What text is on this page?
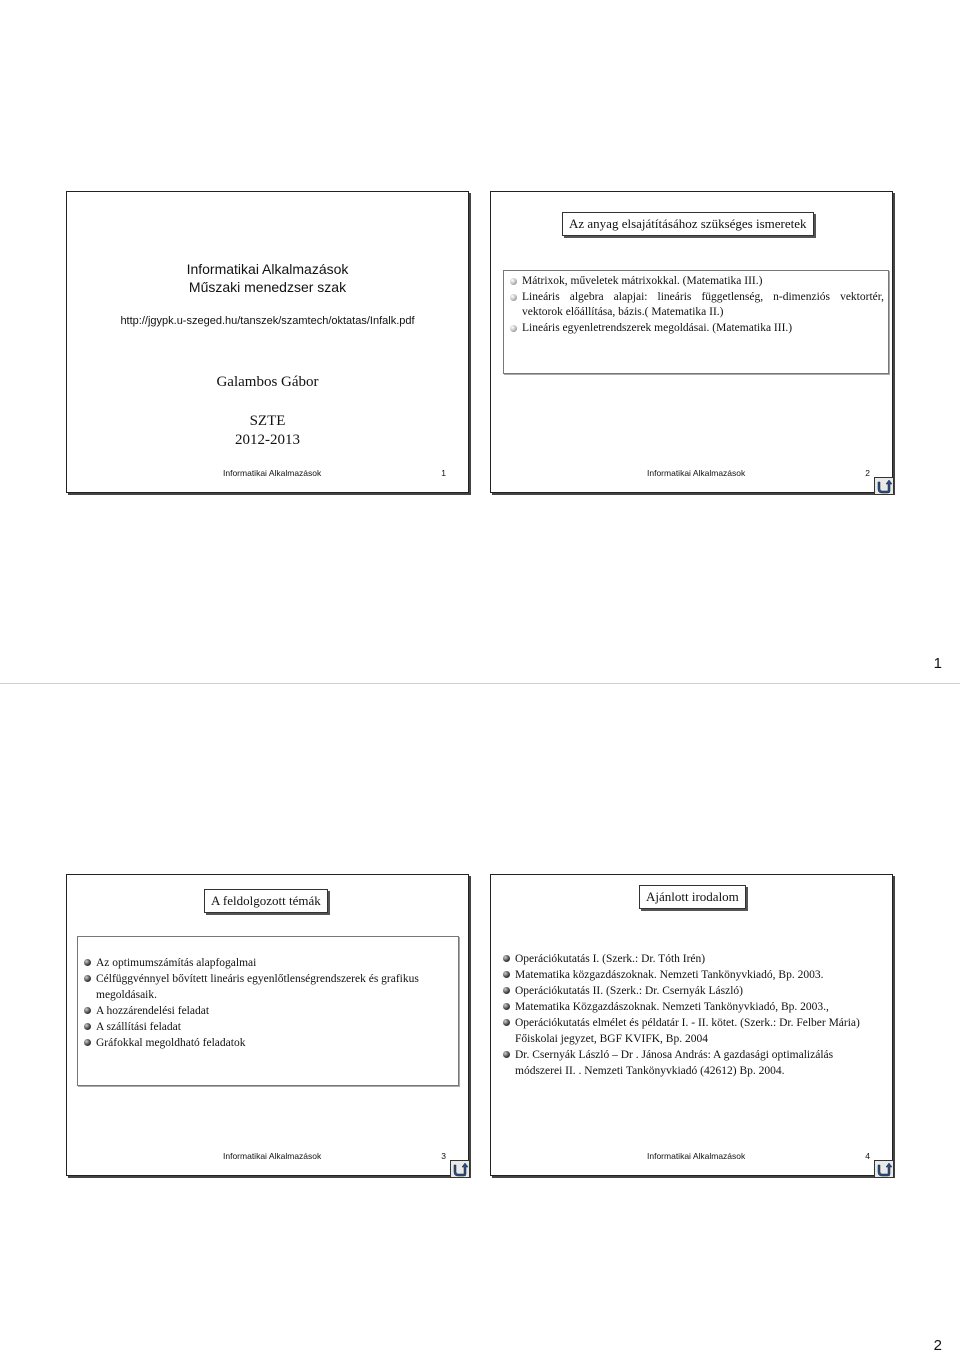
Informatikai Alkalmazások
Műszaki menedzser szak
http://jgypk.u-szeged.hu/tanszek/szamtech/oktatas/Infalk.pdf
Galambos Gábor
SZTE
2012-2013
Informatikai Alkalmazások	1
Az anyag elsajátításához szükséges ismeretek
Mátrixok, műveletek mátrixokkal. (Matematika III.)
Lineáris algebra alapjai: lineáris függetlenség, n-dimenziós vektortér, vektorok előállítása, bázis.( Matematika II.)
Lineáris egyenletrendszerek megoldásai. (Matematika III.)
Informatikai Alkalmazások	2
1
A feldolgozott témák
Az optimumszámítás alapfogalmai
Célfüggvénnyel bővített lineáris egyenlőtlenségrendszerek és grafikus megoldásaik.
A hozzárendelési feladat
A szállítási feladat
Gráfokkal megoldható feladatok
Informatikai Alkalmazások	3
Ajánlott irodalom
Operációkutatás I. (Szerk.: Dr. Tóth Irén)
Matematika közgazdászoknak. Nemzeti Tankönyvkiadó, Bp. 2003.
Operációkutatás II. (Szerk.: Dr. Csernyák László)
Matematika Közgazdászoknak. Nemzeti Tankönyvkiadó, Bp. 2003.,
Operációkutatás elmélet és példatár I. - II. kötet. (Szerk.: Dr. Felber Mária) Főiskolai jegyzet, BGF KVIFK, Bp. 2004
Dr. Csernyák László – Dr . Jánosa András: A gazdasági optimalizálás módszerei II. . Nemzeti Tankönyvkiadó (42612) Bp. 2004.
Informatikai Alkalmazások	4
2
